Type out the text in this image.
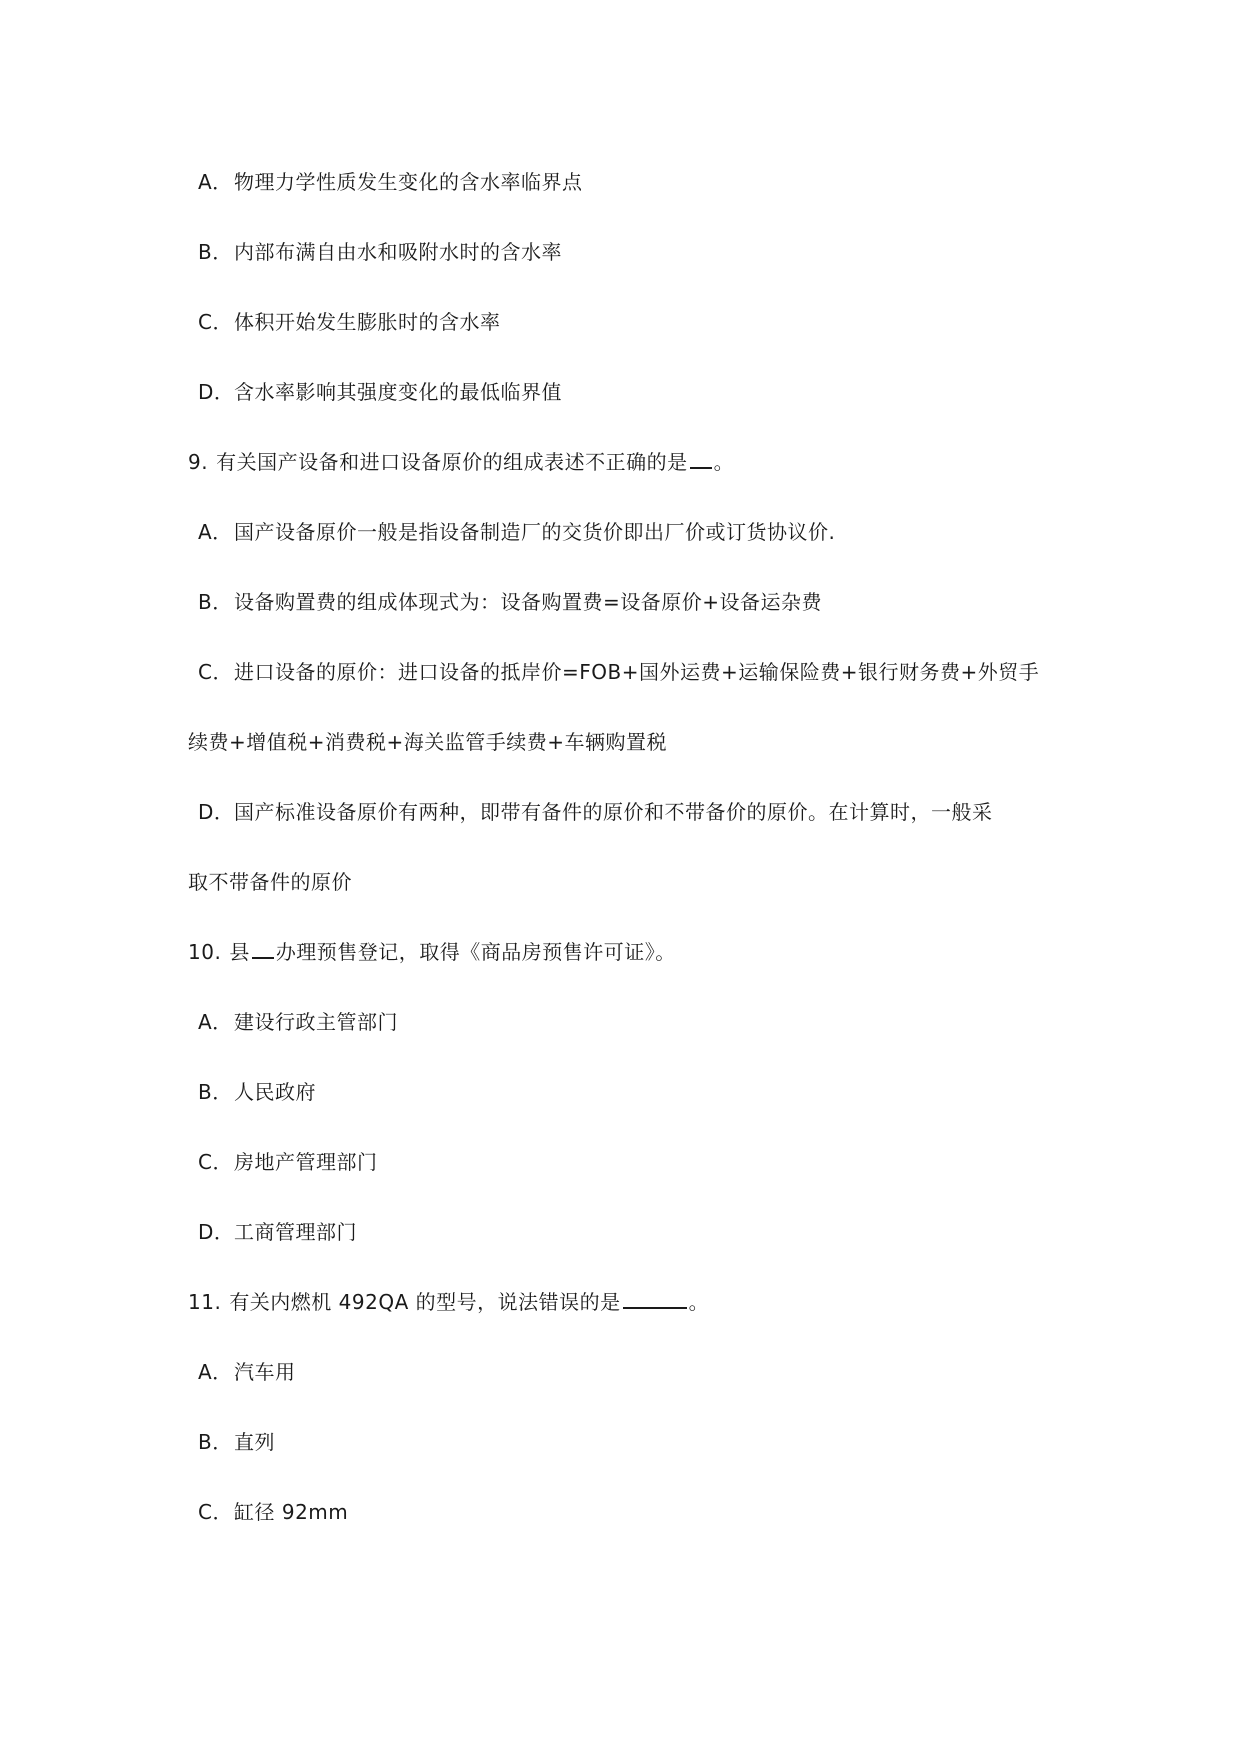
A．物理力学性质发生变化的含水率临界点
B．内部布满自由水和吸附水时的含水率
C．体积开始发生膨胀时的含水率
D．含水率影响其强度变化的最低临界值
9. 有关国产设备和进口设备原价的组成表述不正确的是 。
A．国产设备原价一般是指设备制造厂的交货价即出厂价或订货协议价.
B．设备购置费的组成体现式为：设备购置费=设备原价+设备运杂费
C．进口设备的原价：进口设备的抵岸价=FOB+国外运费+运输保险费+银行财务费+外贸手
续费+增值税+消费税+海关监管手续费+车辆购置税
D．国产标准设备原价有两种，即带有备件的原价和不带备价的原价。在计算时，一般采
取不带备件的原价
10. 县 办理预售登记，取得《商品房预售许可证》。
A．建设行政主管部门
B．人民政府
C．房地产管理部门
D．工商管理部门
11. 有关内燃机 492QA 的型号，说法错误的是	。
A．汽车用
B．直列
C．缸径 92mm
